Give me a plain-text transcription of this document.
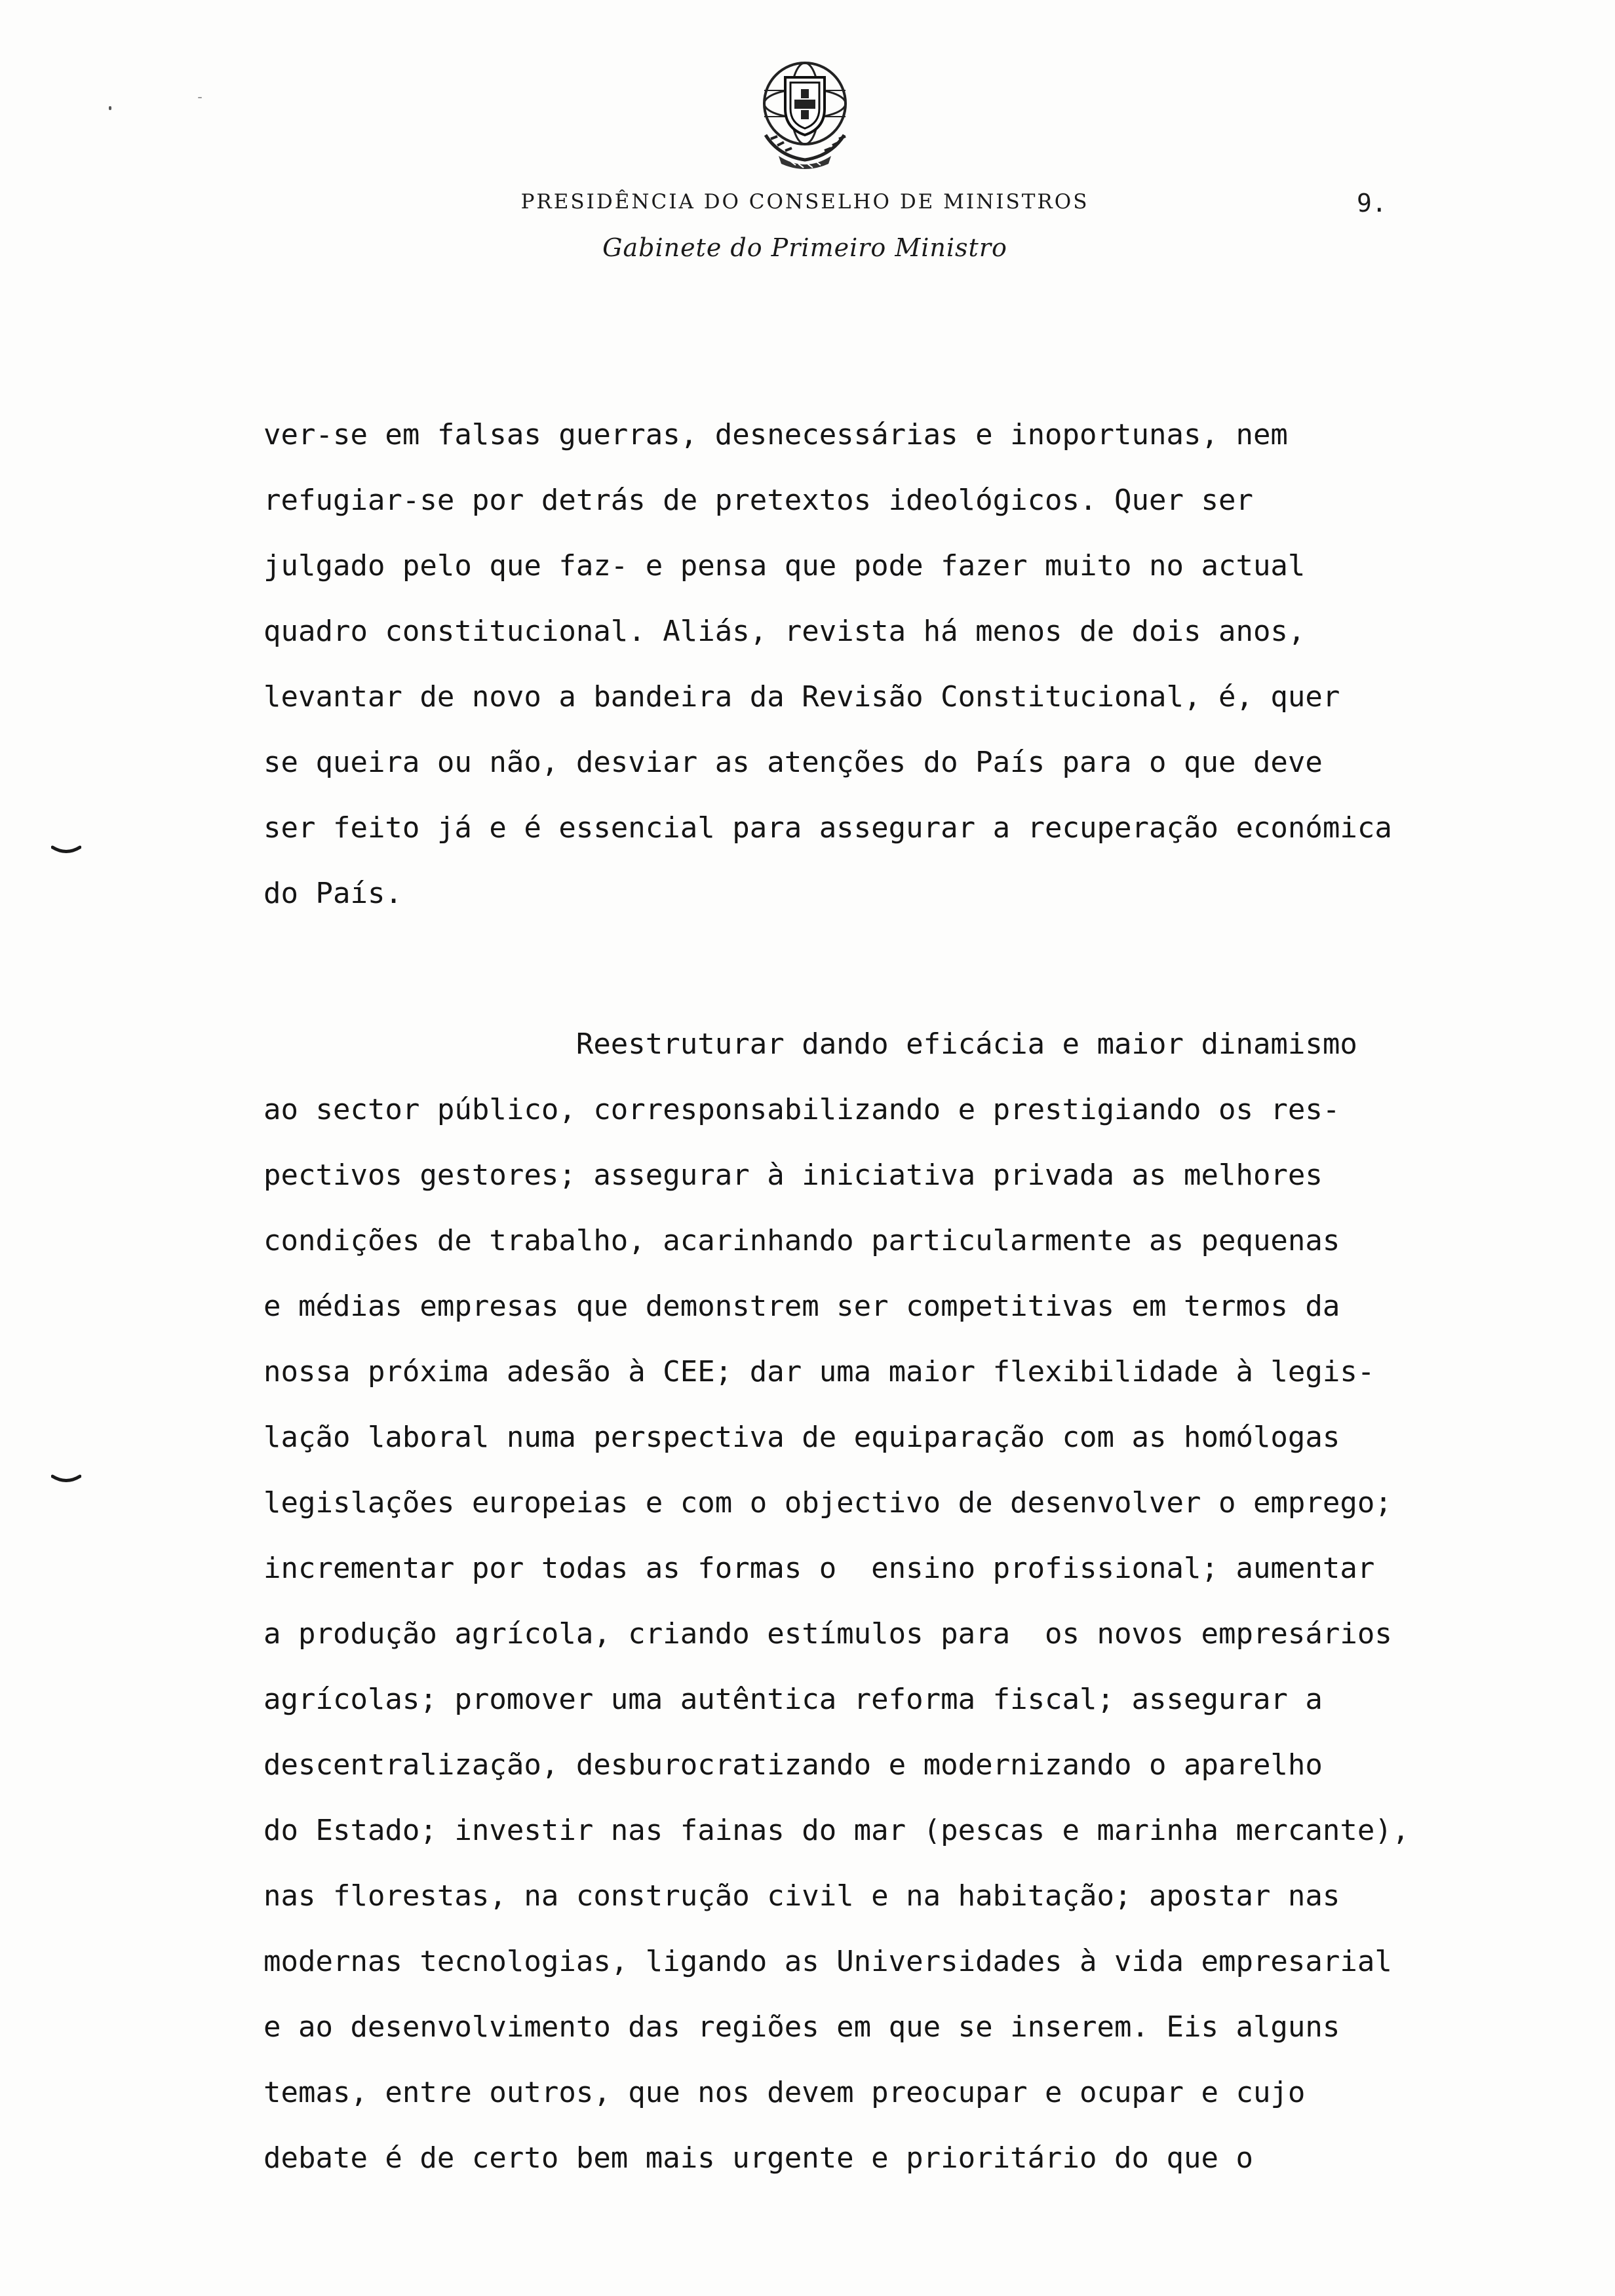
PRESIDÊNCIA DO CONSELHO DE MINISTROS	9.
Gabinete do Primeiro Ministro
ver-se em falsas guerras, desnecessárias e inoportunas, nem
refugiar-se por detrás de pretextos ideológicos. Quer ser
julgado pelo que faz- e pensa que pode fazer muito no actual
quadro constitucional. Aliás, revista há menos de dois anos,
levantar de novo a bandeira da Revisão Constitucional, é, quer
se queira ou não, desviar as atenções do País para o que deve
ser feito já e é essencial para assegurar a recuperação económica
do País.
Reestruturar dando eficácia e maior dinamismo
ao sector público, corresponsabilizando e prestigiando os res-
pectivos gestores; assegurar à iniciativa privada as melhores
condições de trabalho, acarinhando particularmente as pequenas
e médias empresas que demonstrem ser competitivas em termos da
nossa próxima adesão à CEE; dar uma maior flexibilidade à legis-
lação laboral numa perspectiva de equiparação com as homólogas
legislações europeias e com o objectivo de desenvolver o emprego;
incrementar por todas as formas o  ensino profissional; aumentar
a produção agrícola, criando estímulos para  os novos empresários
agrícolas; promover uma autêntica reforma fiscal; assegurar a
descentralização, desburocratizando e modernizando o aparelho
do Estado; investir nas fainas do mar (pescas e marinha mercante),
nas florestas, na construção civil e na habitação; apostar nas
modernas tecnologias, ligando as Universidades à vida empresarial
e ao desenvolvimento das regiões em que se inserem. Eis alguns
temas, entre outros, que nos devem preocupar e ocupar e cujo
debate é de certo bem mais urgente e prioritário do que o
